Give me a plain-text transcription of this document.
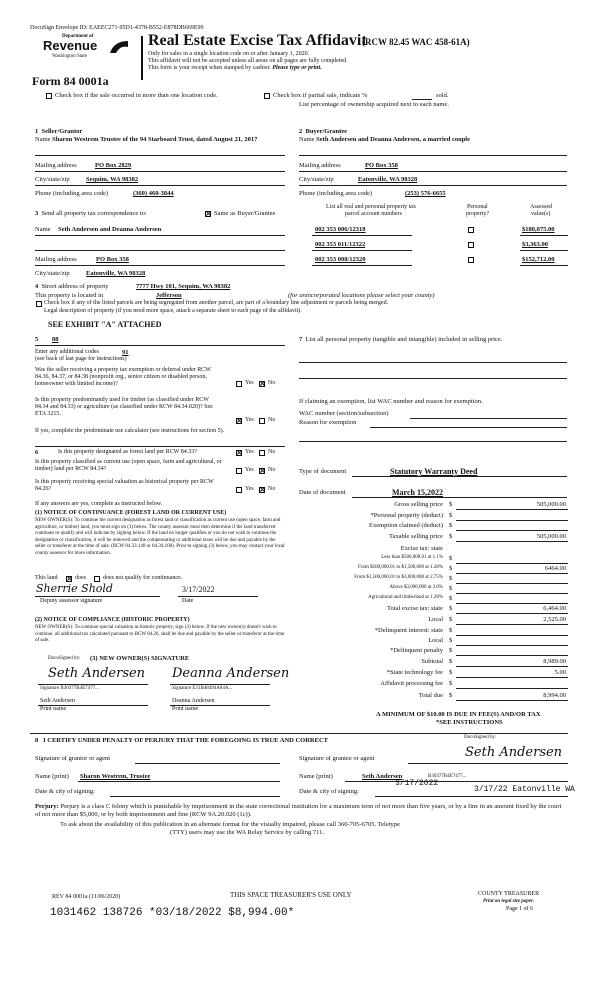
DocuSign Envelope ID: EAEEC271-95D1-4378-B552-E878DB669E99
Department of
Revenue
Washington State
Real Estate Excise Tax Affidavit
(RCW 82.45 WAC 458-61A)
Only for sales in a single location code on or after January 1, 2020.
This affidavit will not be accepted unless all areas on all pages are fully completed.
This form is your receipt when stamped by cashier. Please type or print.
Form 84 0001a
Check box if the sale occurred in more than one location code.	Check box if partial sale, indicate %	sold.
List percentage of ownership acquired next to each name.
1 Seller/Grantor
Name Sharon Westrem Trustee of the 94 Starboard Trust, dated August 21, 2017
Mailing address	PO Box 2829
City/state/zip	Sequim, WA 98382
Phone (including area code)	(360) 460-3844
2 Buyer/Grantee
Name Seth Andersen and Deanna Andersen, a married couple
Mailing address	PO Box 358
City/state/zip	Eatonville, WA 98328
Phone (including area code)	(253) 576-6655
3 Send all property tax correspondence to: ×	Same as Buyer/Grantee
Name Seth Andersen and Deanna Andersen
Mailing address	PO Box 358
City/state/zip	Eatonville, WA 98328
List all real and personal property tax
parcel account numbers
Personal
property?
Assessed
value(s)
002 353 006/12318	$180,075.00
002 353 011/12322	$3,363.00
002 353 008/12320	$152,712.00
4 Street address of property	7777 Hwy 101, Sequim, WA 98382
This property is located in	Jefferson	(for unincorporated locations please select your county)
Check box if any of the listed parcels are being segregated from another parcel, are part of a boundary line adjustment or parcels being merged.
Legal description of property (if you need more space, attach a separate sheet to each page of the affidavit).
SEE EXHIBIT "A" ATTACHED
5 88
Enter any additional codes	91
(see back of last page for instructions)
Was the seller receiving a property tax exemption or deferral under RCW 84.36, 84.37, or 84.38 (nonprofit org., senior citizen or disabled person, homeowner with limited income)?	Yes × No
Is this property predominantly used for timber (as classified under RCW 84.34 and 84.33) or agriculture (as classified under RCW 84.34.020)? See ETA 3215.
×
Yes No
If yes, complete the predominate use calculator (see instructions for section 5).
6	Is this property designated as forest land per RCW 84.33? ×	Yes No
Is this property classified as current use (open space, farm and agricultural, or timber) land per RCW 84.34?	Yes × No
Is this property receiving special valuation as historical property per RCW 84.26?	Yes × No
If any answers are yes, complete as instructed below.
(1) NOTICE OF CONTINUANCE (FOREST LAND OR CURRENT USE)
NEW OWNER(S): To continue the current designation as forest land or classification as current use (open space, farm and agriculture, or timber) land, you must sign on (3) below. The county assessor must then determine if the land transferred continues to qualify and will indicate by signing below. If the land no longer qualifies or you do not wish to continue the designation or classification, it will be removed and the compensating or additional taxes will be due and payable by the seller or transferor at the time of sale. (RCW 84.33.140 or 84.34.108). Prior to signing (3) below, you may contact your local county assessor for more information.
This land ×	does	does not qualify for continuance.
Sherrie Shold	3/17/2022
Deputy assessor signature	Date
(2) NOTICE OF COMPLIANCE (HISTORIC PROPERTY)
NEW OWNER(S): To continue special valuation as historic property, sign (3) below. If the new owner(s) doesn't wish to continue, all additional tax calculated pursuant to RCW 84.26, shall be due and payable by the seller or transferor at the time of sale.
(3) NEW OWNER(S) SIGNATURE
DocuSigned by:
Seth Andersen Deanna Andersen
Signature B30377B4E7477...	Signature E31B48494A84A...
Seth Andersen	Deanna Andersen
Print name	Print name
7 List all personal property (tangible and intangible) included in selling price.
If claiming an exemption, list WAC number and reason for exemption.
WAC number (section/subsection)
Reason for exemption
Type of document	Statutory Warranty Deed
Date of document	March 15,2022
Gross selling price $	505,000.00
*Personal property (deduct) $
Exemption claimed (deduct) $
Taxable selling price $	505,000.00
Excise tax: state
Less than $500,000.01 at 1.1% $
From $500,000.01 to $1,500,000 at 1.28% $	6464.00
From $1,500,000.01 to $3,000,000 at 2.75% $
Above $3,000,000 at 3.0% $
Agricultural and timberland at 1.28% $
Total excise tax: state $	6,464.00
Local $	2,525.00
*Delinquent interest: state $
Local $
*Delinquent penalty $
Subtotal $	8,989.00
*State technology fee $	5.00
Affidavit processing fee $
Total due $	8,994.00
A MINIMUM OF $10.00 IS DUE IN FEE(S) AND/OR TAX
*SEE INSTRUCTIONS
8 I CERTIFY UNDER PENALTY OF PERJURY THAT THE FOREGOING IS TRUE AND CORRECT	DocuSigned by:
Signature of grantor or agent	Signature of grantee or agent	Seth Andersen
Name (print) Sharon Westrem, Trustee	Name (print)	Seth Andersen	B30377B4E7477...
Date & city of signing:	Date & city of signing:
3/17/2022
3/17/22 Eatonville WA
Perjury: Perjury is a class C felony which is punishable by imprisonment in the state correctional institution for a maximum term of not more than five years, or by a fine in an amount fixed by the court of not more than $5,000, or by both imprisonment and fine (RCW 9A.20.020 (1c)).
To ask about the availability of this publication in an alternate format for the visually impaired, please call 360-705-6705. Teletype
(TTY) users may use the WA Relay Service by calling 711.
REV 84 0001a (11/06/2020)	THIS SPACE TREASURER'S USE ONLY	COUNTY TREASURER
Print on legal size paper.
Page 1 of 6
1031462 138726 *03/18/2022 $8,994.00*
